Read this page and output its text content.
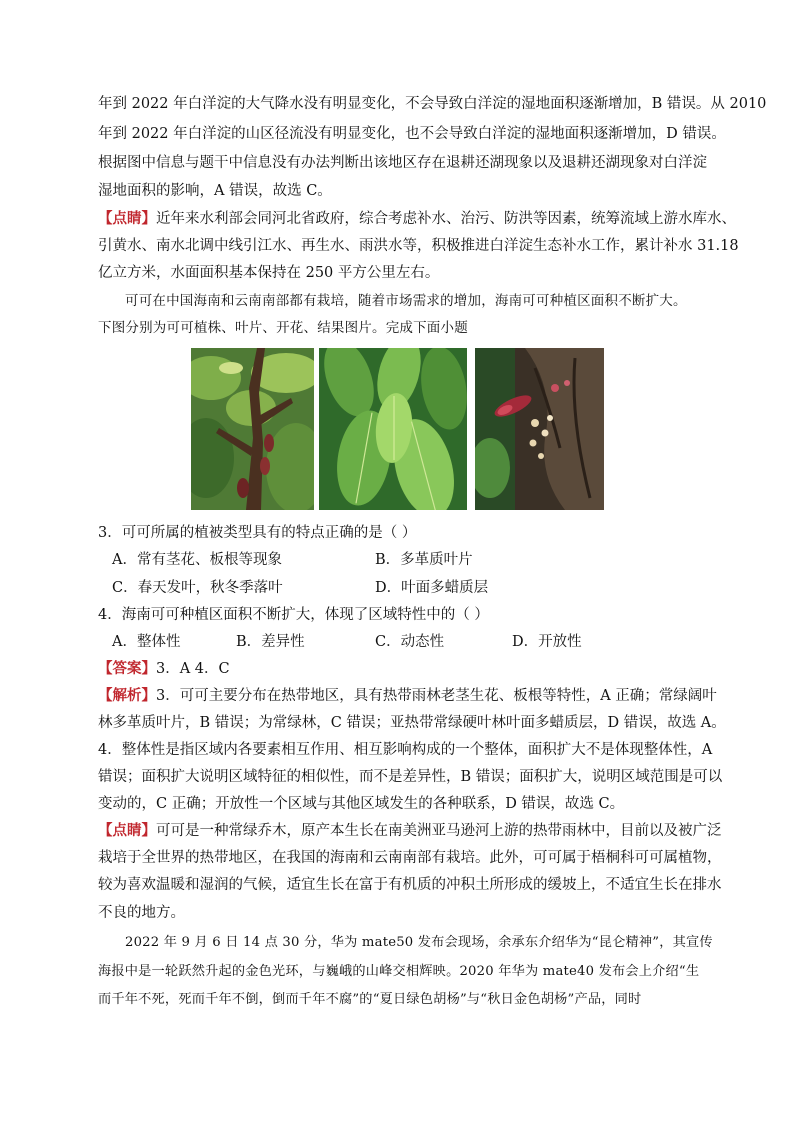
年到 2022 年白洋淀的大气降水没有明显变化，不会导致白洋淀的湿地面积逐渐增加，B 错误。从 2010
年到 2022 年白洋淀的山区径流没有明显变化，也不会导致白洋淀的湿地面积逐渐增加，D 错误。
根据图中信息与题干中信息没有办法判断出该地区存在退耕还湖现象以及退耕还湖现象对白洋淀
湿地面积的影响，A 错误，故选 C。
【点睛】近年来水利部会同河北省政府，综合考虑补水、治污、防洪等因素，统筹流域上游水库水、
引黄水、南水北调中线引江水、再生水、雨洪水等，积极推进白洋淀生态补水工作，累计补水 31.18
亿立方米，水面面积基本保持在 250 平方公里左右。
可可在中国海南和云南南部都有栽培，随着市场需求的增加，海南可可种植区面积不断扩大。
下图分别为可可植株、叶片、开花、结果图片。完成下面小题
3．可可所属的植被类型具有的特点正确的是（ ）
A．常有茎花、板根等现象	B．多革质叶片
C．春天发叶，秋冬季落叶	D．叶面多蜡质层
4．海南可可种植区面积不断扩大，体现了区域特性中的（ ）
A．整体性	B．差异性	C．动态性	D．开放性
【答案】3．A 4．C
【解析】3．可可主要分布在热带地区，具有热带雨林老茎生花、板根等特性，A 正确；常绿阔叶
林多革质叶片，B 错误；为常绿林，C 错误；亚热带常绿硬叶林叶面多蜡质层，D 错误，故选 A。
4．整体性是指区域内各要素相互作用、相互影响构成的一个整体，面积扩大不是体现整体性，A
错误；面积扩大说明区域特征的相似性，而不是差异性，B 错误；面积扩大，说明区域范围是可以
变动的，C 正确；开放性一个区域与其他区域发生的各种联系，D 错误，故选 C。
【点睛】可可是一种常绿乔木，原产本生长在南美洲亚马逊河上游的热带雨林中，目前以及被广泛
栽培于全世界的热带地区，在我国的海南和云南南部有栽培。此外，可可属于梧桐科可可属植物，
较为喜欢温暖和湿润的气候，适宜生长在富于有机质的冲积土所形成的缓坡上，不适宜生长在排水
不良的地方。
2022 年 9 月 6 日 14 点 30 分，华为 mate50 发布会现场，余承东介绍华为“昆仑精神”，其宣传
海报中是一轮跃然升起的金色光环，与巍峨的山峰交相辉映。2020 年华为 mate40 发布会上介绍“生
而千年不死，死而千年不倒，倒而千年不腐”的“夏日绿色胡杨”与“秋日金色胡杨”产品，同时
